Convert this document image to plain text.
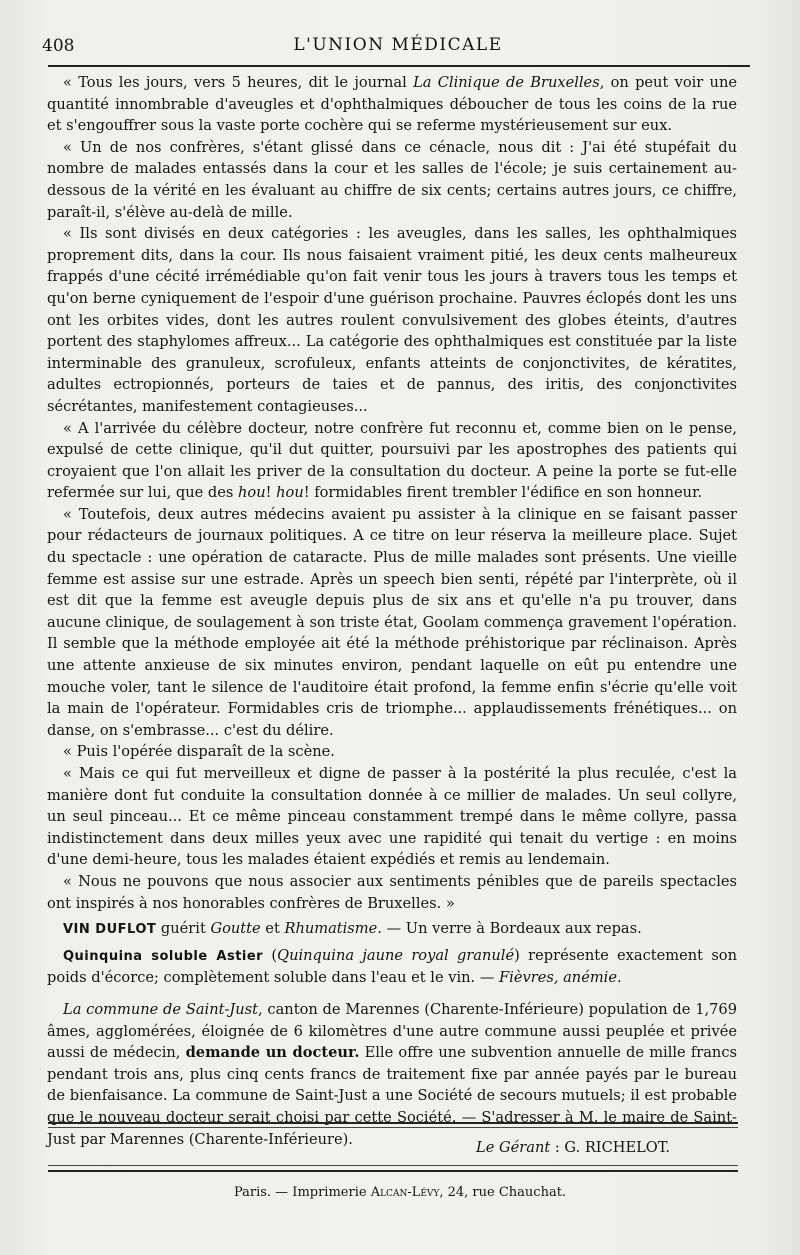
408	L'UNION MÉDICALE

« Tous les jours, vers 5 heures, dit le journal La Clinique de Bruxelles, on peut voir une quantité innombrable d'aveugles et d'ophthalmiques déboucher de tous les coins de la rue et s'engouffrer sous la vaste porte cochère qui se referme mystérieusement sur eux.

« Un de nos confrères, s'étant glissé dans ce cénacle, nous dit : J'ai été stupéfait du nombre de malades entassés dans la cour et les salles de l'école; je suis certainement au-dessous de la vérité en les évaluant au chiffre de six cents; certains autres jours, ce chiffre, paraît-il, s'élève au-delà de mille.

« Ils sont divisés en deux catégories : les aveugles, dans les salles, les ophthalmiques proprement dits, dans la cour. Ils nous faisaient vraiment pitié, les deux cents malheureux frappés d'une cécité irrémédiable qu'on fait venir tous les jours à travers tous les temps et qu'on berne cyniquement de l'espoir d'une guérison prochaine. Pauvres éclopés dont les uns ont les orbites vides, dont les autres roulent convulsivement des globes éteints, d'autres portent des staphylomes affreux... La catégorie des ophthalmiques est constituée par la liste interminable des granuleux, scrofuleux, enfants atteints de conjonctivites, de kératites, adultes ectropionnés, porteurs de taies et de pannus, des iritis, des conjonctivites sécrétantes, manifestement contagieuses...

« A l'arrivée du célèbre docteur, notre confrère fut reconnu et, comme bien on le pense, expulsé de cette clinique, qu'il dut quitter, poursuivi par les apostrophes des patients qui croyaient que l'on allait les priver de la consultation du docteur. A peine la porte se fut-elle refermée sur lui, que des hou! hou! formidables firent trembler l'édifice en son honneur.

« Toutefois, deux autres médecins avaient pu assister à la clinique en se faisant passer pour rédacteurs de journaux politiques. A ce titre on leur réserva la meilleure place. Sujet du spectacle : une opération de cataracte. Plus de mille malades sont présents. Une vieille femme est assise sur une estrade. Après un speech bien senti, répété par l'interprète, où il est dit que la femme est aveugle depuis plus de six ans et qu'elle n'a pu trouver, dans aucune clinique, de soulagement à son triste état, Goolam commença gravement l'opération. Il semble que la méthode employée ait été la méthode préhistorique par réclinaison. Après une attente anxieuse de six minutes environ, pendant laquelle on eût pu entendre une mouche voler, tant le silence de l'auditoire était profond, la femme enfin s'écrie qu'elle voit la main de l'opérateur. Formidables cris de triomphe... applaudissements frénétiques... on danse, on s'embrasse... c'est du délire.

« Puis l'opérée disparaît de la scène.

« Mais ce qui fut merveilleux et digne de passer à la postérité la plus reculée, c'est la manière dont fut conduite la consultation donnée à ce millier de malades. Un seul collyre, un seul pinceau... Et ce même pinceau constamment trempé dans le même collyre, passa indistinctement dans deux milles yeux avec une rapidité qui tenait du vertige : en moins d'une demi-heure, tous les malades étaient expédiés et remis au lendemain.

« Nous ne pouvons que nous associer aux sentiments pénibles que de pareils spectacles ont inspirés à nos honorables confrères de Bruxelles. »

VIN DUFLOT guérit Goutte et Rhumatisme. — Un verre à Bordeaux aux repas.

Quinquina soluble Astier (Quinquina jaune royal granulé) représente exactement son poids d'écorce; complètement soluble dans l'eau et le vin. — Fièvres, anémie.

La commune de Saint-Just, canton de Marennes (Charente-Inférieure) population de 1,769 âmes, agglomérées, éloignée de 6 kilomètres d'une autre commune aussi peuplée et privée aussi de médecin, demande un docteur. Elle offre une subvention annuelle de mille francs pendant trois ans, plus cinq cents francs de traitement fixe par année payés par le bureau de bienfaisance. La commune de Saint-Just a une Société de secours mutuels; il est probable que le nouveau docteur serait choisi par cette Société. — S'adresser à M. le maire de Saint-Just par Marennes (Charente-Inférieure).	Le Gérant : G. RICHELOT.
Paris. — Imprimerie Alcan-Lévy, 24, rue Chauchat.
